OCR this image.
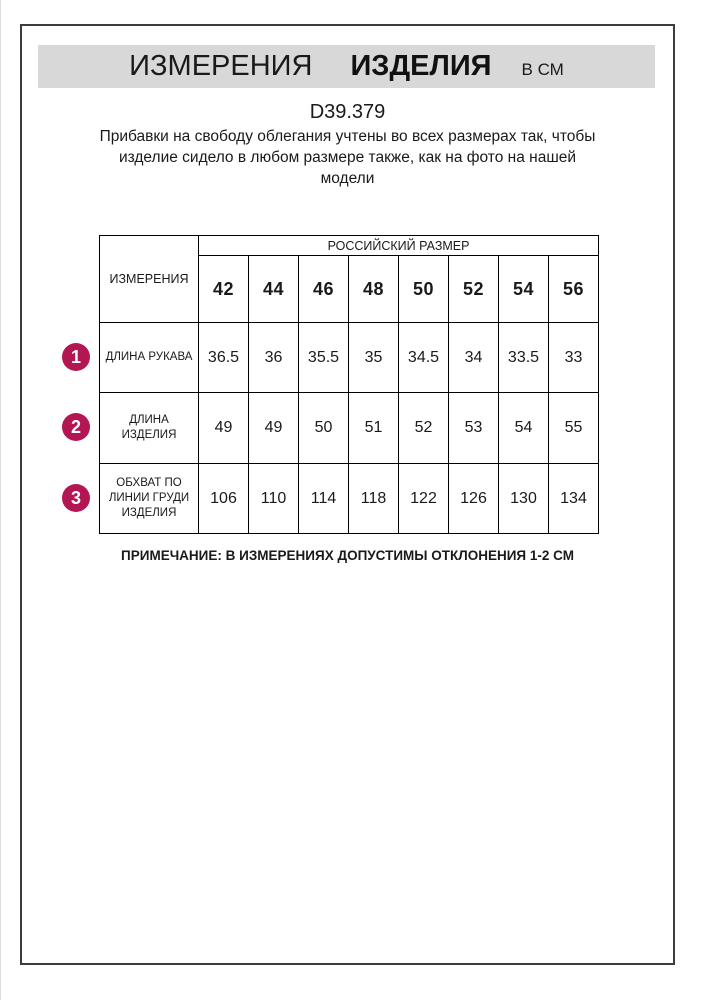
ИЗМЕРЕНИЯ ИЗДЕЛИЯ В СМ
D39.379
Прибавки на свободу облегания учтены во всех размерах так, чтобы
изделие сидело в любом размере также, как на фото на нашей
модели
ИЗМЕРЕНИЯ	РОССИЙСКИЙ РАЗМЕР							
	42	44	46	48	50	52	54	56

ДЛИНА РУКАВА	36.5	36	35.5	35	34.5	34	33.5	33

ДЛИНА
ИЗДЕЛИЯ	49	49	50	51	52	53	54	55

ОБХВАТ ПО
ЛИНИИ ГРУДИ
ИЗДЕЛИЯ	106	110	114	118	122	126	130	134
1
2
3
ПРИМЕЧАНИЕ: В ИЗМЕРЕНИЯХ ДОПУСТИМЫ ОТКЛОНЕНИЯ 1-2 СМ
